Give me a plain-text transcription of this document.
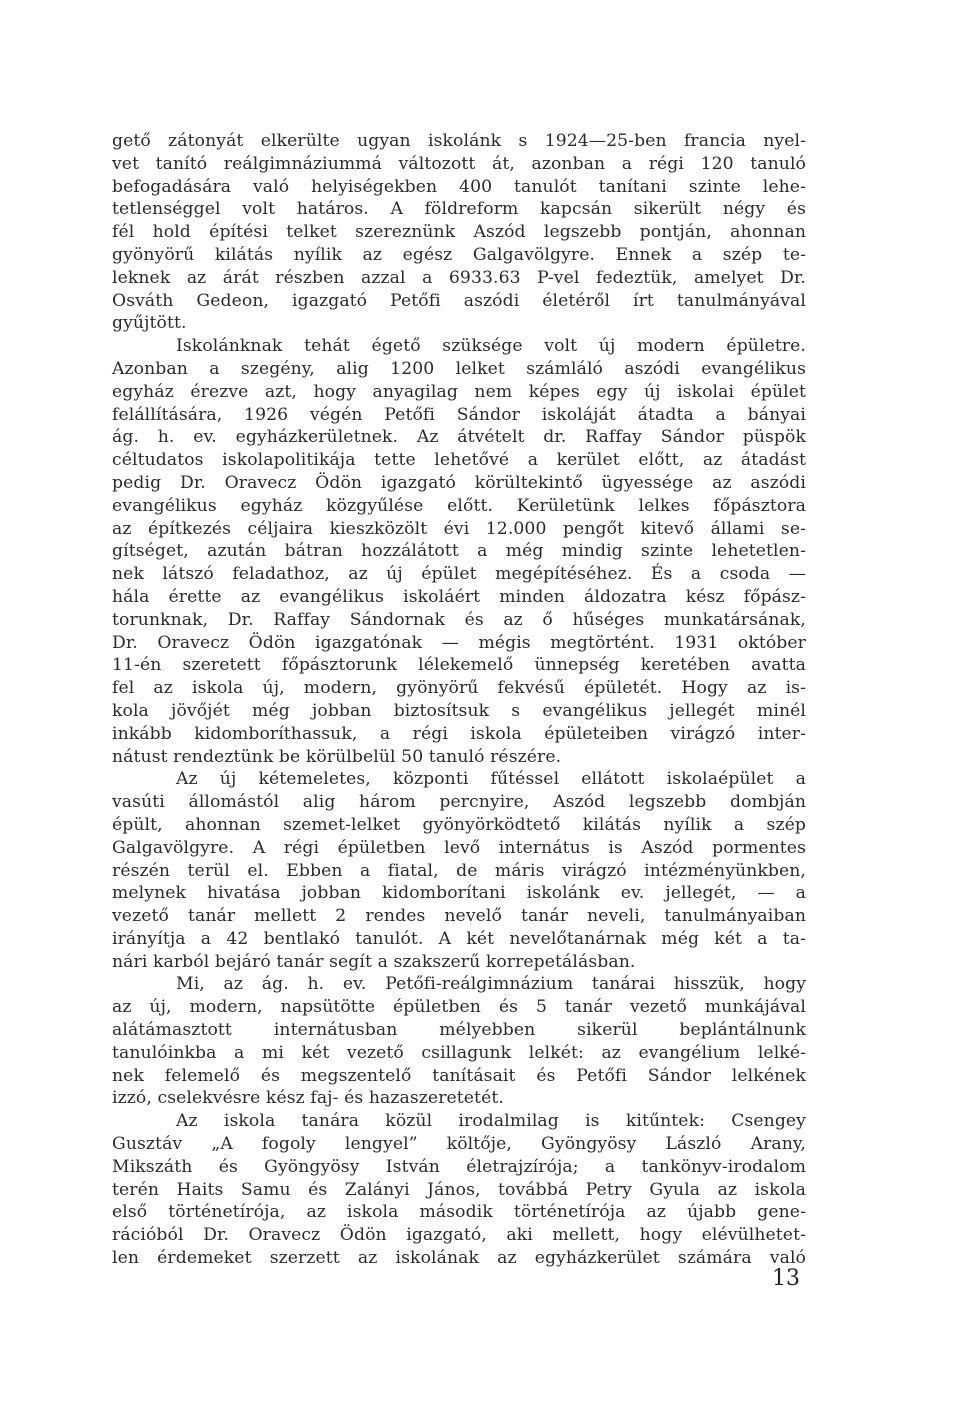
gető zátonyát elkerülte ugyan iskolánk s 1924—25-ben francia nyel-
vet tanító reálgimnáziummá változott át, azonban a régi 120 tanuló
befogadására való helyiségekben 400 tanulót tanítani szinte lehe-
tetlenséggel volt határos. A földreform kapcsán sikerült négy és
fél hold építési telket szereznünk Aszód legszebb pontján, ahonnan
gyönyörű kilátás nyílik az egész Galgavölgyre. Ennek a szép te-
leknek az árát részben azzal a 6933.63 P-vel fedeztük, amelyet Dr.
Osváth Gedeon, igazgató Petőfi aszódi életéről írt tanulmányával
gyűjtött.
Iskolánknak tehát égető szüksége volt új modern épületre.
Azonban a szegény, alig 1200 lelket számláló aszódi evangélikus
egyház érezve azt, hogy anyagilag nem képes egy új iskolai épület
felállítására, 1926 végén Petőfi Sándor iskoláját átadta a bányai
ág. h. ev. egyházkerületnek. Az átvételt dr. Raffay Sándor püspök
céltudatos iskolapolitikája tette lehetővé a kerület előtt, az átadást
pedig Dr. Oravecz Ödön igazgató körültekintő ügyessége az aszódi
evangélikus egyház közgyűlése előtt. Kerületünk lelkes főpásztora
az építkezés céljaira kieszközölt évi 12.000 pengőt kitevő állami se-
gítséget, azután bátran hozzálátott a még mindig szinte lehetetlen-
nek látszó feladathoz, az új épület megépítéséhez. És a csoda —
hála érette az evangélikus iskoláért minden áldozatra kész főpász-
torunknak, Dr. Raffay Sándornak és az ő hűséges munkatársának,
Dr. Oravecz Ödön igazgatónak — mégis megtörtént. 1931 október
11-én szeretett főpásztorunk lélekemelő ünnepség keretében avatta
fel az iskola új, modern, gyönyörű fekvésű épületét. Hogy az is-
kola jövőjét még jobban biztosítsuk s evangélikus jellegét minél
inkább kidomboríthassuk, a régi iskola épületeiben virágzó inter-
nátust rendeztünk be körülbelül 50 tanuló részére.
Az új kétemeletes, központi fűtéssel ellátott iskolaépület a
vasúti állomástól alig három percnyire, Aszód legszebb dombján
épült, ahonnan szemet-lelket gyönyörködtető kilátás nyílik a szép
Galgavölgyre. A régi épületben levő internátus is Aszód pormentes
részén terül el. Ebben a fiatal, de máris virágzó intézményünkben,
melynek hivatása jobban kidomborítani iskolánk ev. jellegét, — a
vezető tanár mellett 2 rendes nevelő tanár neveli, tanulmányaiban
irányítja a 42 bentlakó tanulót. A két nevelőtanárnak még két a ta-
nári karból bejáró tanár segít a szakszerű korrepetálásban.
Mi, az ág. h. ev. Petőfi-reálgimnázium tanárai hisszük, hogy
az új, modern, napsütötte épületben és 5 tanár vezető munkájával
alátámasztott internátusban mélyebben sikerül beplántálnunk
tanulóinkba a mi két vezető csillagunk lelkét: az evangélium lelké-
nek felemelő és megszentelő tanításait és Petőfi Sándor lelkének
izzó, cselekvésre kész faj- és hazaszeretetét.
Az iskola tanára közül irodalmilag is kitűntek: Csengey
Gusztáv „A fogoly lengyel” költője, Gyöngyösy László Arany,
Mikszáth és Gyöngyösy István életrajzírója; a tankönyv-irodalom
terén Haits Samu és Zalányi János, továbbá Petry Gyula az iskola
első történetírója, az iskola második történetírója az újabb gene-
rációból Dr. Oravecz Ödön igazgató, aki mellett, hogy elévülhetet-
len érdemeket szerzett az iskolának az egyházkerület számára való
13
